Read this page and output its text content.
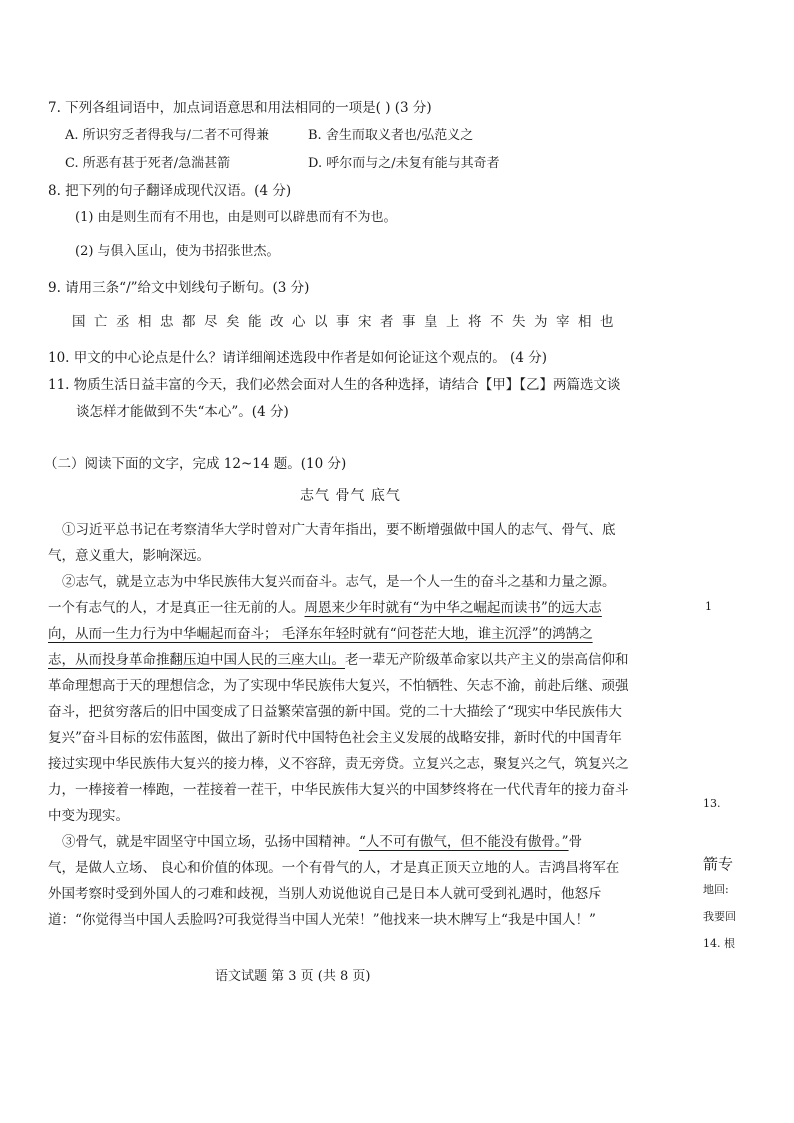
7. 下列各组词语中，加点词语意思和用法相同的一项是( ) (3 分)
A. 所识穷乏者得我与/二者不可得兼	B. 舍生而取义者也/弘范义之
C. 所恶有甚于死者/急湍甚箭	D. 呼尔而与之/未复有能与其奇者
8. 把下列的句子翻译成现代汉语。(4 分)
(1) 由是则生而有不用也，由是则可以辟患而有不为也。
(2) 与俱入匡山，使为书招张世杰。
9. 请用三条“/”给文中划线句子断句。(3 分)
国亡丞相忠都尽矣能改心以事宋者事皇上将不失为宰相也
10. 甲文的中心论点是什么？请详细阐述选段中作者是如何论证这个观点的。 (4 分)
11. 物质生活日益丰富的今天，我们必然会面对人生的各种选择，请结合【甲】【乙】两篇选文谈
谈怎样才能做到不失“本心”。(4 分)
（二）阅读下面的文字，完成 12~14 题。(10 分)
志气 骨气 底气

①习近平总书记在考察清华大学时曾对广大青年指出，要不断增强做中国人的志气、骨气、底

气，意义重大，影响深远。

②志气，就是立志为中华民族伟大复兴而奋斗。志气，是一个人一生的奋斗之基和力量之源。

一个有志气的人，才是真正一往无前的人。周恩来少年时就有“为中华之崛起而读书”的远大志

向，从而一生力行为中华崛起而奋斗； 毛泽东年轻时就有“问苍茫大地，谁主沉浮”的鸿鹄之

志，从而投身革命推翻压迫中国人民的三座大山。老一辈无产阶级革命家以共产主义的崇高信仰和

革命理想高于天的理想信念，为了实现中华民族伟大复兴，不怕牺牲、矢志不渝，前赴后继、顽强

奋斗，把贫穷落后的旧中国变成了日益繁荣富强的新中国。党的二十大描绘了“现实中华民族伟大

复兴”奋斗目标的宏伟蓝图，做出了新时代中国特色社会主义发展的战略安排，新时代的中国青年

接过实现中华民族伟大复兴的接力棒，义不容辞，责无旁贷。立复兴之志，聚复兴之气，筑复兴之

力，一棒接着一棒跑，一茬接着一茬干，中华民族伟大复兴的中国梦终将在一代代青年的接力奋斗

中变为现实。

③骨气，就是牢固坚守中国立场，弘扬中国精神。“人不可有傲气，但不能没有傲骨。”骨

气，是做人立场、 良心和价值的体现。一个有骨气的人，才是真正顶天立地的人。吉鸿昌将军在

外国考察时受到外国人的刁难和歧视，当别人劝说他说自己是日本人就可受到礼遇时，他怒斥

道：“你觉得当中国人丢脸吗?可我觉得当中国人光荣！”他找来一块木牌写上“我是中国人！”

1
13.
箭专
地回:
我要回
14. 根
语文试题 第 3 页 (共 8 页)
